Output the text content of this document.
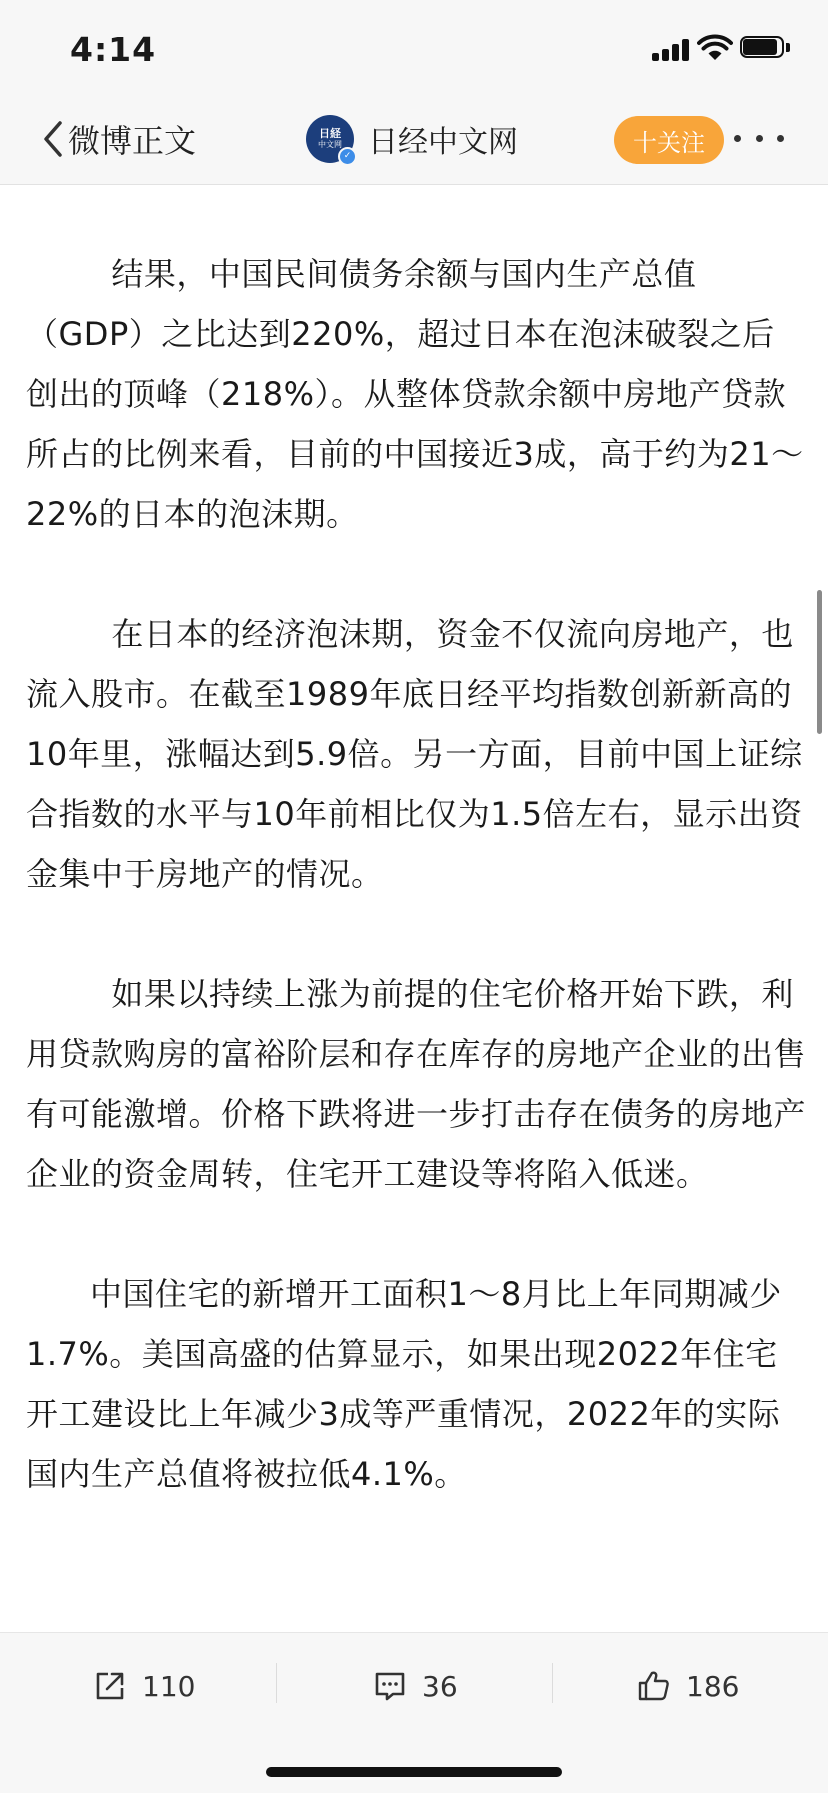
4:14
微博正文	日経
中文网
✓ 日经中文网	十关注

结果，中国民间债务余额与国内生产总值（GDP）之比达到220%，超过日本在泡沫破裂之后创出的顶峰（218%）。从整体贷款余额中房地产贷款所占的比例来看，目前的中国接近3成，高于约为21～22%的日本的泡沫期。

在日本的经济泡沫期，资金不仅流向房地产，也流入股市。在截至1989年底日经平均指数创新新高的10年里，涨幅达到5.9倍。另一方面，目前中国上证综合指数的水平与10年前相比仅为1.5倍左右，显示出资金集中于房地产的情况。

如果以持续上涨为前提的住宅价格开始下跌，利用贷款购房的富裕阶层和存在库存的房地产企业的出售有可能激增。价格下跌将进一步打击存在债务的房地产企业的资金周转，住宅开工建设等将陷入低迷。

中国住宅的新增开工面积1～8月比上年同期减少1.7%。美国高盛的估算显示，如果出现2022年住宅开工建设比上年减少3成等严重情况，2022年的实际国内生产总值将被拉低4.1%。

110	36	186
